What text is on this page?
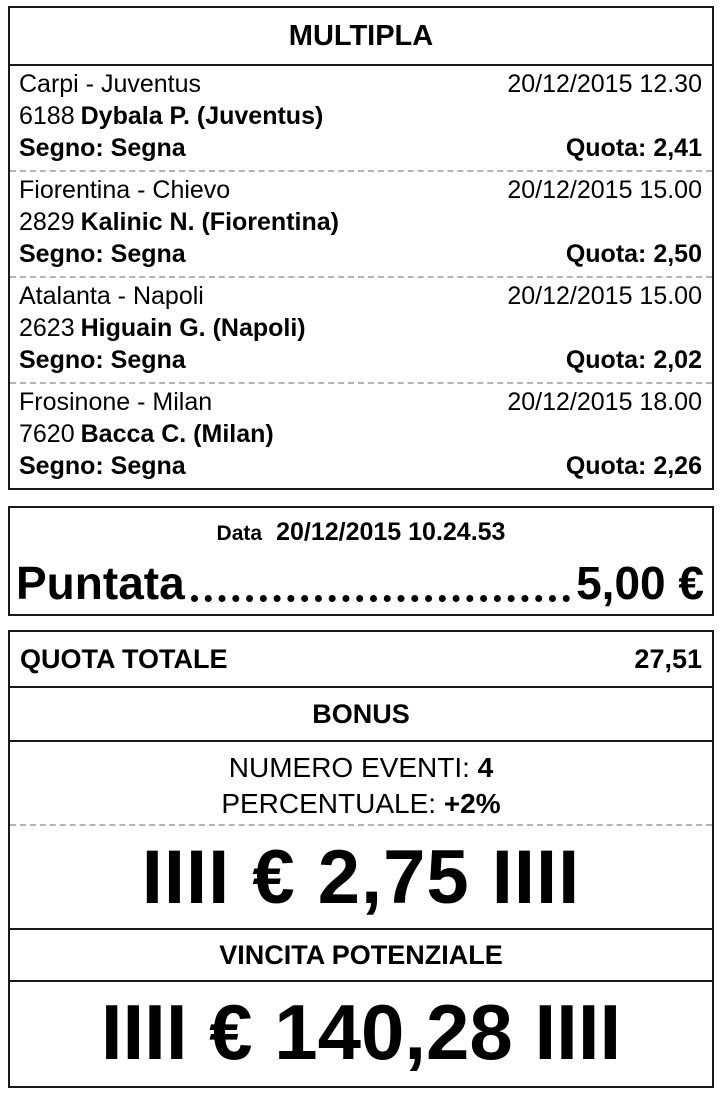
MULTIPLA
Carpi - Juventus	20/12/2015 12.30
6188 Dybala P. (Juventus)
Segno: Segna	Quota: 2,41
Fiorentina - Chievo	20/12/2015 15.00
2829 Kalinic N. (Fiorentina)
Segno: Segna	Quota: 2,50
Atalanta - Napoli	20/12/2015 15.00
2623 Higuain G. (Napoli)
Segno: Segna	Quota: 2,02
Frosinone - Milan	20/12/2015 18.00
7620 Bacca C. (Milan)
Segno: Segna	Quota: 2,26
Data 20/12/2015 10.24.53
Puntata	5,00 €
QUOTA TOTALE	27,51
BONUS
NUMERO EVENTI: 4
PERCENTUALE: +2%
IIII € 2,75 IIII
VINCITA POTENZIALE
IIII € 140,28 IIII
